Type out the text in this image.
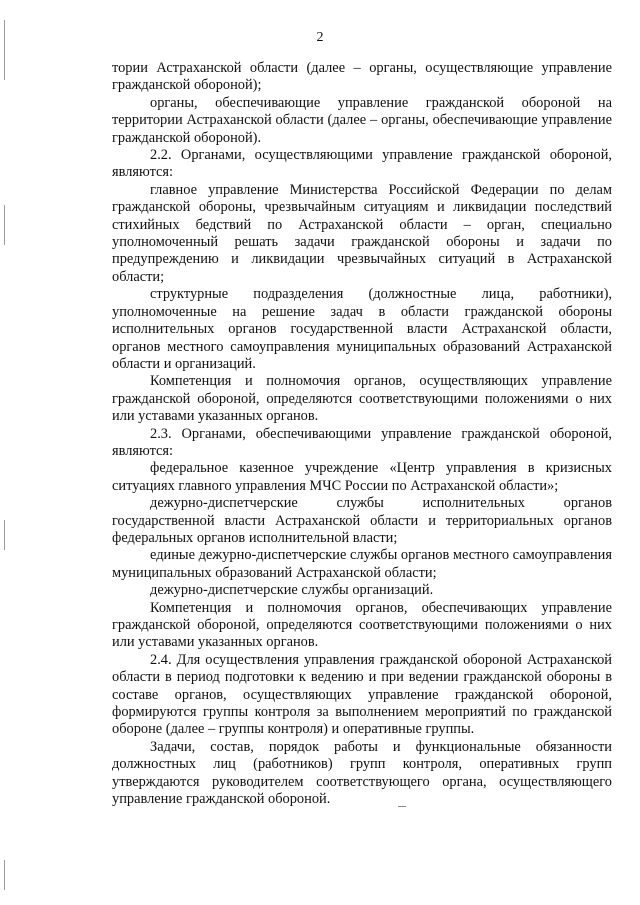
2

тории Астраханской области (далее – органы, осуществляющие управление гражданской обороной);

органы, обеспечивающие управление гражданской обороной на территории Астраханской области (далее – органы, обеспечивающие управление гражданской обороной).

2.2. Органами, осуществляющими управление гражданской обороной, являются:

главное управление Министерства Российской Федерации по делам гражданской обороны, чрезвычайным ситуациям и ликвидации последствий стихийных бедствий по Астраханской области – орган, специально уполномоченный решать задачи гражданской обороны и задачи по предупреждению и ликвидации чрезвычайных ситуаций в Астраханской области;

структурные подразделения (должностные лица, работники), уполномоченные на решение задач в области гражданской обороны исполнительных органов государственной власти Астраханской области, органов местного самоуправления муниципальных образований Астраханской области и организаций.

Компетенция и полномочия органов, осуществляющих управление гражданской обороной, определяются соответствующими положениями о них или уставами указанных органов.

2.3. Органами, обеспечивающими управление гражданской обороной, являются:

федеральное казенное учреждение «Центр управления в кризисных ситуациях главного управления МЧС России по Астраханской области»;

дежурно-диспетчерские службы исполнительных органов государственной власти Астраханской области и территориальных органов федеральных органов исполнительной власти;

единые дежурно-диспетчерские службы органов местного самоуправления муниципальных образований Астраханской области;

дежурно-диспетчерские службы организаций.

Компетенция и полномочия органов, обеспечивающих управление гражданской обороной, определяются соответствующими положениями о них или уставами указанных органов.

2.4. Для осуществления управления гражданской обороной Астраханской области в период подготовки к ведению и при ведении гражданской обороны в составе органов, осуществляющих управление гражданской обороной, формируются группы контроля за выполнением мероприятий по гражданской обороне (далее – группы контроля) и оперативные группы.

Задачи, состав, порядок работы и функциональные обязанности должностных лиц (работников) групп контроля, оперативных групп утверждаются руководителем соответствующего органа, осуществляющего управление гражданской обороной.
